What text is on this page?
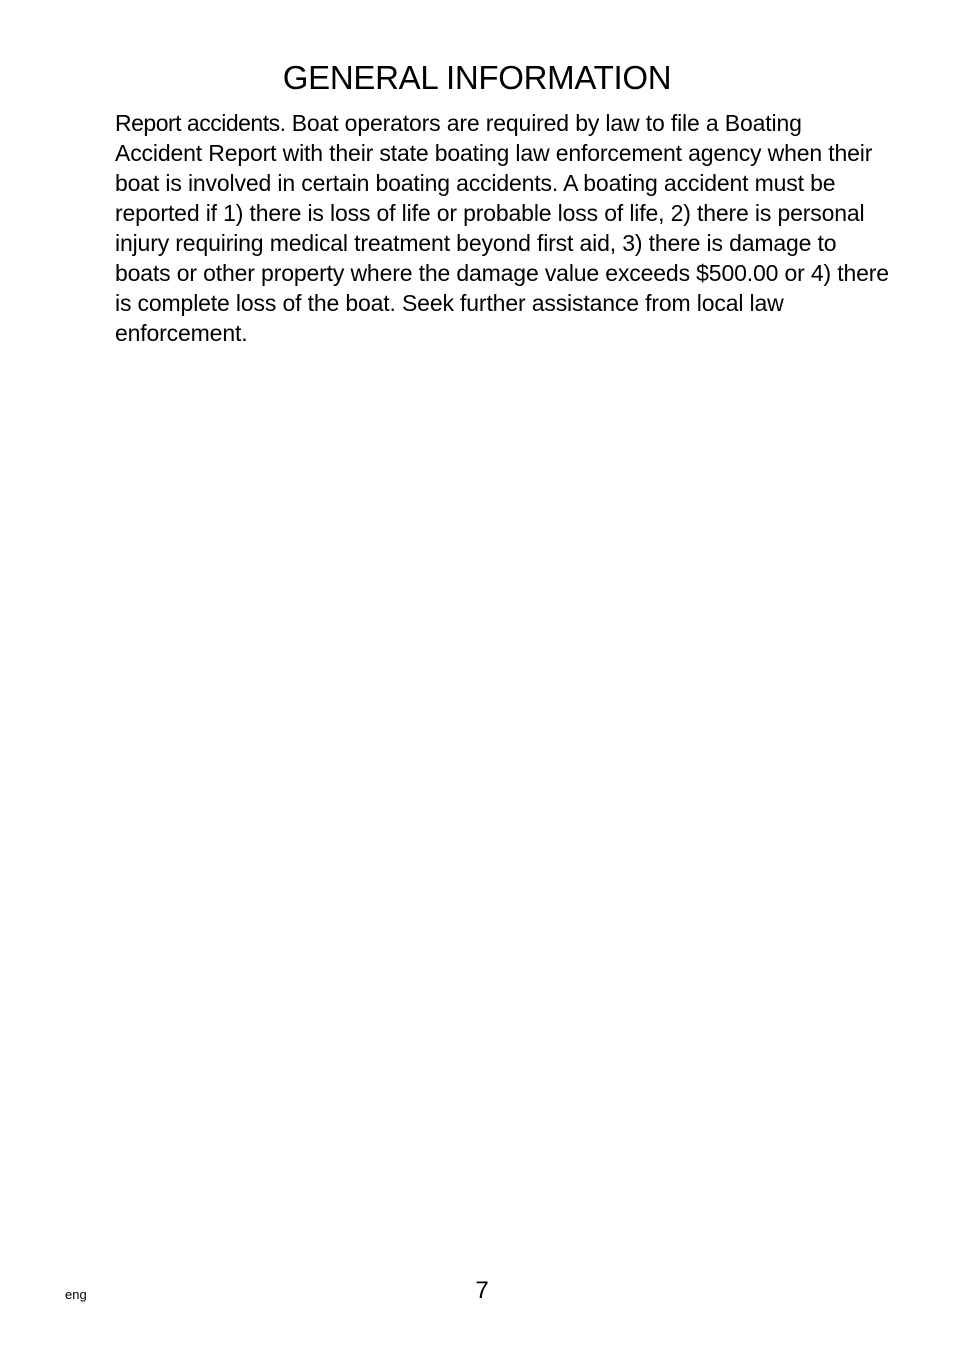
GENERAL INFORMATION

Report accidents. Boat operators are required by law to file a Boating Accident Report with their state boating law enforcement agency when their boat is involved in certain boating accidents. A boating accident must be reported if 1) there is loss of life or probable loss of life, 2) there is personal injury requiring medical treatment beyond first aid, 3) there is damage to boats or other property where the damage value exceeds $500.00 or 4) there is complete loss of the boat. Seek further assistance from local law enforcement.

eng	7
